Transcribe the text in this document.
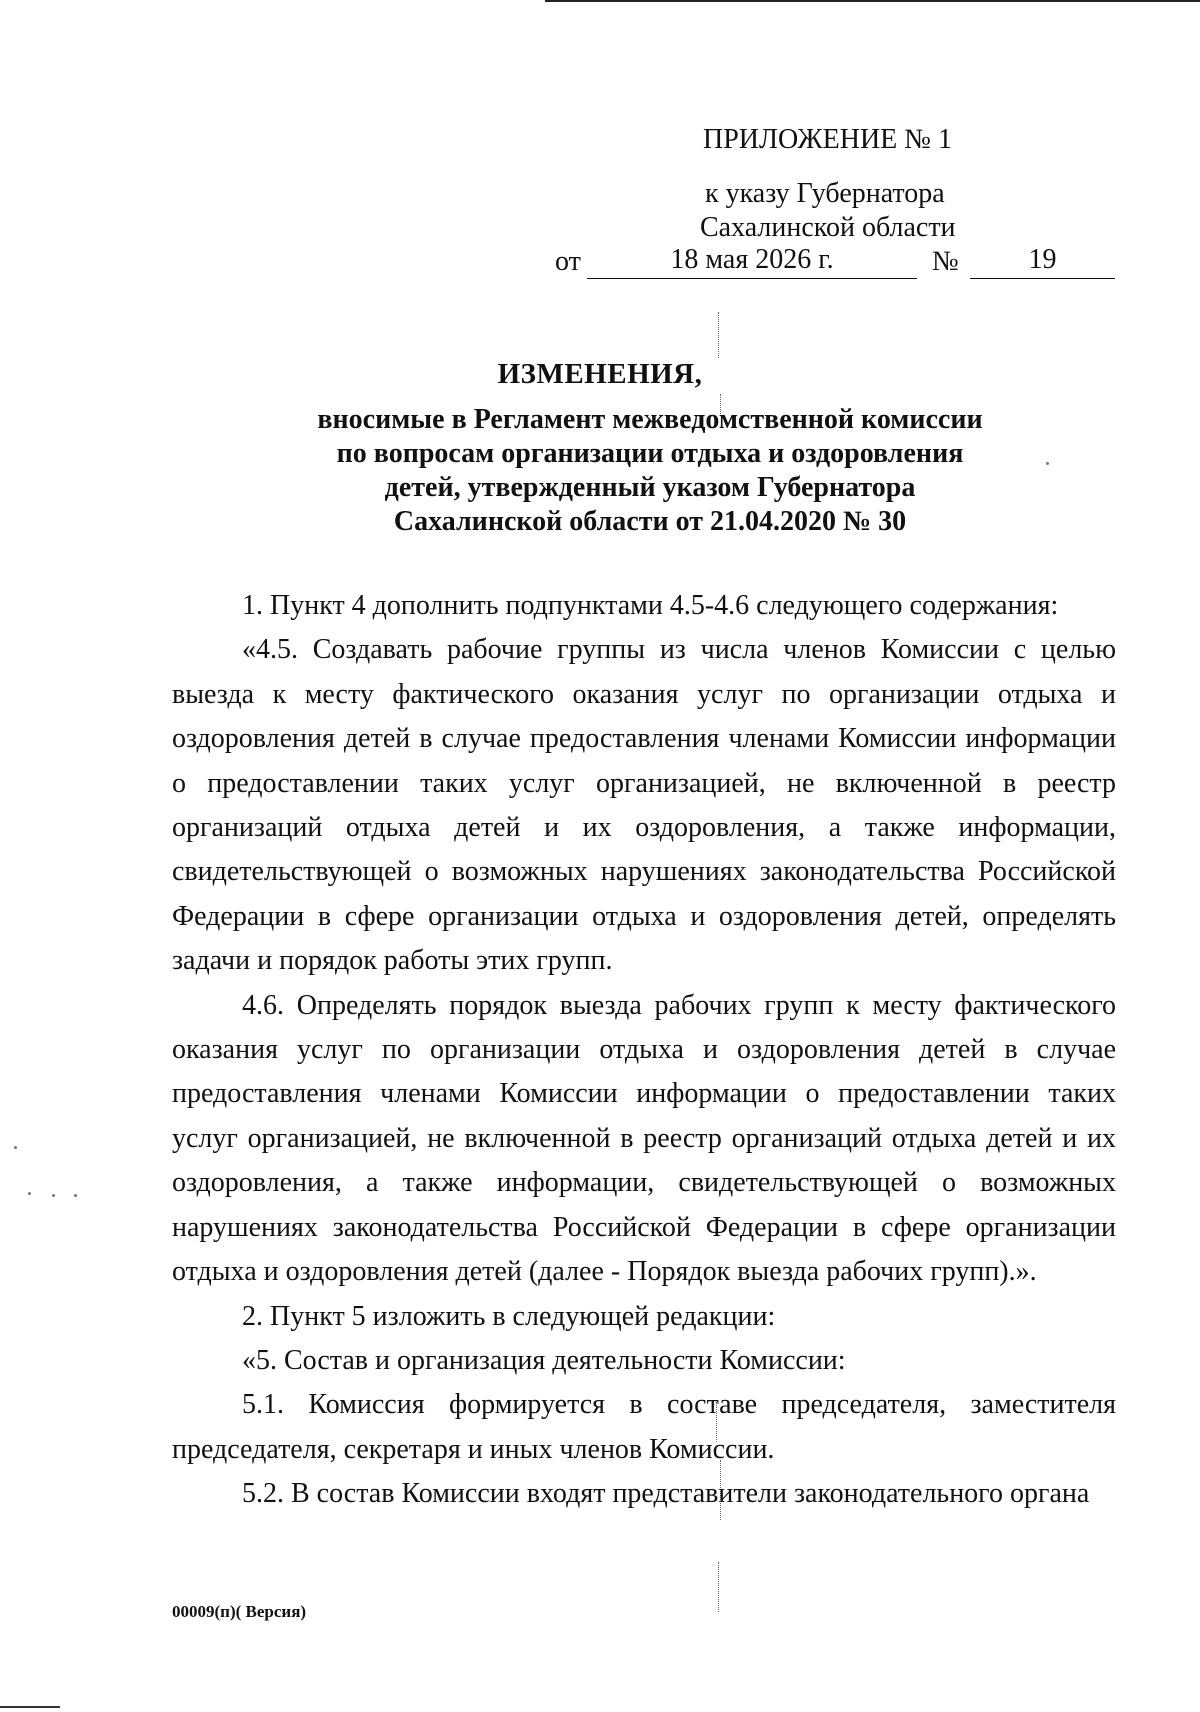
ПРИЛОЖЕНИЕ № 1
к указу Губернатора
Сахалинской области
от	18 мая 2026 г.	№	19
ИЗМЕНЕНИЯ,
вносимые в Регламент межведомственной комиссии
по вопросам организации отдыха и оздоровления
детей, утвержденный указом Губернатора
Сахалинской области от 21.04.2020 № 30

1. Пункт 4 дополнить подпунктами 4.5-4.6 следующего содержания:

«4.5. Создавать рабочие группы из числа членов Комиссии с целью выезда к месту фактического оказания услуг по организации отдыха и оздоровления детей в случае предоставления членами Комиссии информации о предоставлении таких услуг организацией, не включенной в реестр организаций отдыха детей и их оздоровления, а также информации, свидетельствующей о возможных нарушениях законодательства Российской Федерации в сфере организации отдыха и оздоровления детей, определять задачи и порядок работы этих групп.

4.6. Определять порядок выезда рабочих групп к месту фактического оказания услуг по организации отдыха и оздоровления детей в случае предоставления членами Комиссии информации о предоставлении таких услуг организацией, не включенной в реестр организаций отдыха детей и их оздоровления, а также информации, свидетельствующей о возможных нарушениях законодательства Российской Федерации в сфере организации отдыха и оздоровления детей (далее - Порядок выезда рабочих групп).».

2. Пункт 5 изложить в следующей редакции:

«5. Состав и организация деятельности Комиссии:

5.1. Комиссия формируется в составе председателя, заместителя председателя, секретаря и иных членов Комиссии.

5.2. В состав Комиссии входят представители законодательного органа

00009(п)( Версия)
